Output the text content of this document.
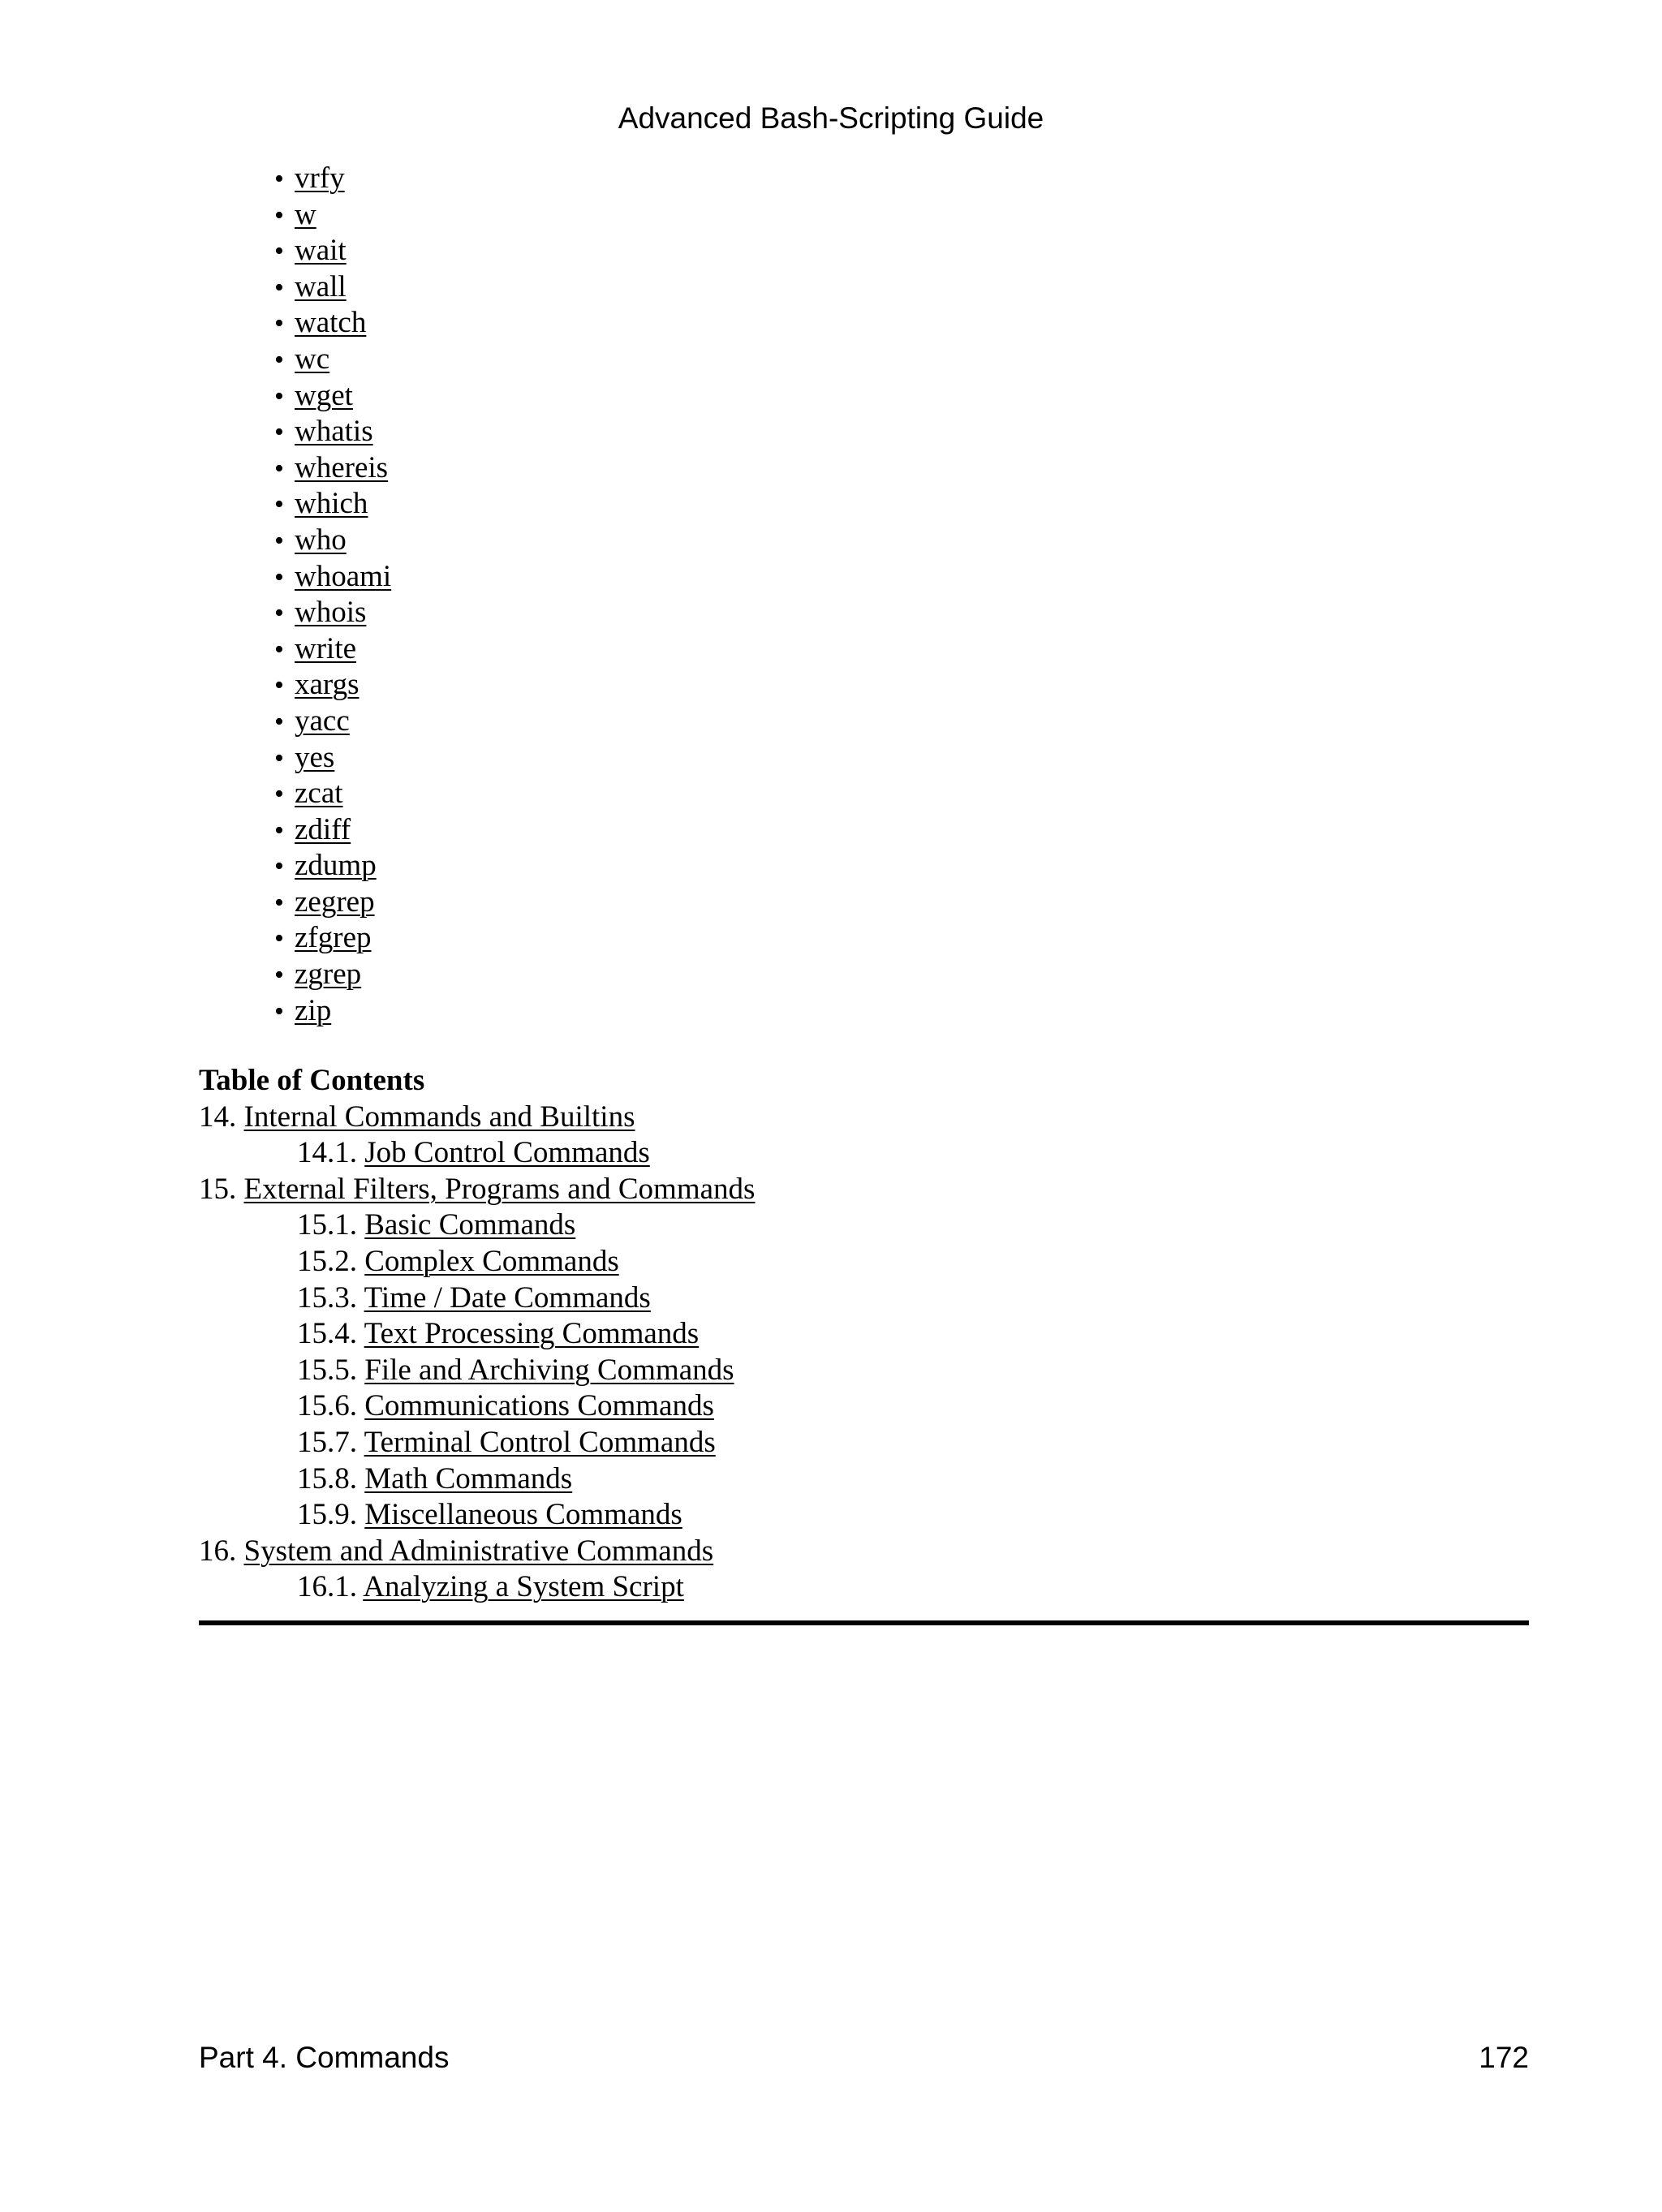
Advanced Bash-Scripting Guide
• vrfy
• w
• wait
• wall
• watch
• wc
• wget
• whatis
• whereis
• which
• who
• whoami
• whois
• write
• xargs
• yacc
• yes
• zcat
• zdiff
• zdump
• zegrep
• zfgrep
• zgrep
• zip
Table of Contents
14. Internal Commands and Builtins
14.1. Job Control Commands
15. External Filters, Programs and Commands
15.1. Basic Commands
15.2. Complex Commands
15.3. Time / Date Commands
15.4. Text Processing Commands
15.5. File and Archiving Commands
15.6. Communications Commands
15.7. Terminal Control Commands
15.8. Math Commands
15.9. Miscellaneous Commands
16. System and Administrative Commands
16.1. Analyzing a System Script
Part 4. Commands	172
